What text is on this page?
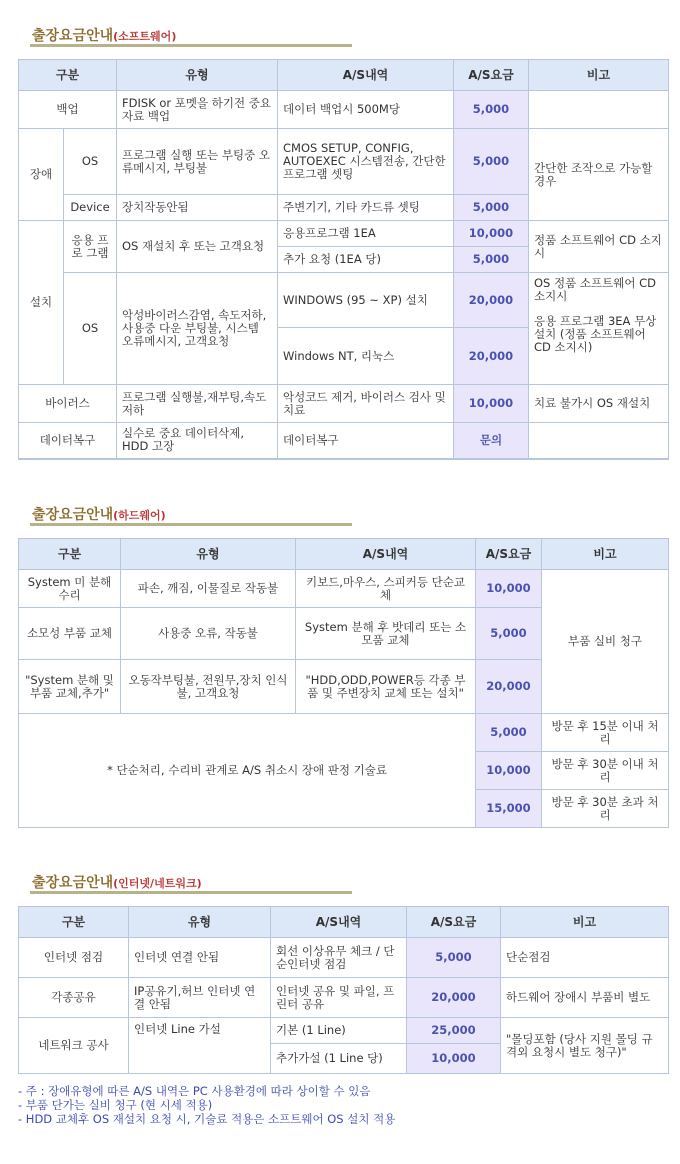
출장요금안내(소프트웨어)
구분		유형	A/S내역	A/S요금	비고
백업		FDISK or 포멧을 하기전 중요자료 백업	데이터 백업시 500M당	5,000	
장애	OS	프로그램 실행 또는 부팅중 오류메시지, 부팅불	CMOS SETUP, CONFIG, AUTOEXEC 시스템전송, 간단한 프로그램 셋팅	5,000	간단한 조작으로 가능할 경우
	Device	장치작동안됨	주변기기, 기타 카드류 셋팅	5,000	
설치	응용 프로 그램	OS 재설치 후 또는 고객요청	응용프로그램 1EA	10,000	정품 소프트웨어 CD 소지시
			추가 요청 (1EA 당)	5,000	
	OS	악성바이러스감염, 속도저하, 사용중 다운 부팅불, 시스템 오류메시지, 고객요청	WINDOWS (95 ~ XP) 설치	20,000	OS 정품 소프트웨어 CD 소지시
응용 프로그램 3EA 무상 설치 (정품 소프트웨어 CD 소지시)

			Windows NT, 리눅스	20,000	
바이러스		프로그램 실행불,재부팅,속도저하	악성코드 제거, 바이러스 검사 및 치료	10,000	치료 불가시 OS 재설치
데이터복구		실수로 중요 데이터삭제, HDD 고장	데이터복구	문의	
출장요금안내(하드웨어)
구분	유형	A/S내역	A/S요금	비고
System 미 분해수리	파손, 깨짐, 이물질로 작동불	키보드,마우스, 스피커등 단순교체	10,000	부품 실비 청구
소모성 부품 교체	사용중 오류, 작동불	System 분해 후 밧데리 또는 소모품 교체	5,000	
"System 분해 및 부품 교체,추가"	오동작부팅불, 전원무,장치 인식불, 고객요청	"HDD,ODD,POWER등 각종 부품 및 주변장치 교체 또는 설치"	20,000	
* 단순처리, 수리비 관계로 A/S 취소시 장애 판정 기술료			5,000	방문 후 15분 이내 처리
			10,000	방문 후 30분 이내 처리
			15,000	방문 후 30분 초과 처리
출장요금안내(인터넷/네트워크)
구분	유형	A/S내역	A/S요금	비고
인터넷 점검	인터넷 연결 안됨	회선 이상유무 체크 / 단순인터넷 점검	5,000	단순점검
각종공유	IP공유기,허브 인터넷 연결 안됨	인터넷 공유 및 파일, 프린터 공유	20,000	하드웨어 장애시 부품비 별도
네트워크 공사	인터넷 Line 가설	기본 (1 Line)	25,000	"몰딩포함 (당사 지원 몰딩 규격외 요청시 별도 청구)"
		추가가설 (1 Line 당)	10,000	
- 주 : 장애유형에 따른 A/S 내역은 PC 사용환경에 따라 상이할 수 있음
- 부품 단가는 실비 청구 (현 시세 적용)
- HDD 교체후 OS 재설치 요청 시, 기술료 적용은 소프트웨어 OS 설치 적용
